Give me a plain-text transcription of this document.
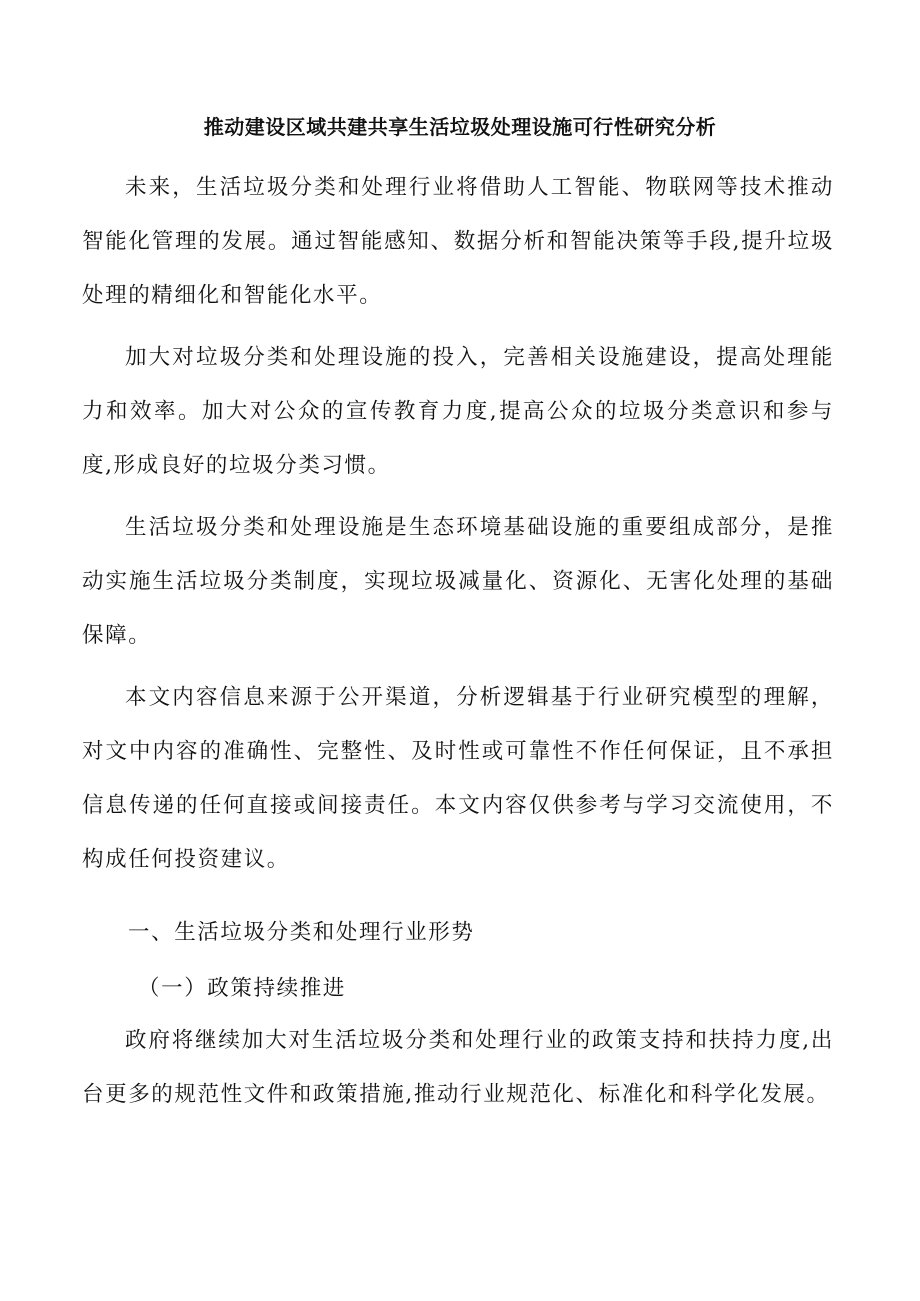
推动建设区域共建共享生活垃圾处理设施可行性研究分析

未来，生活垃圾分类和处理行业将借助人工智能、物联网等技术推动智能化管理的发展。通过智能感知、数据分析和智能决策等手段,提升垃圾处理的精细化和智能化水平。

加大对垃圾分类和处理设施的投入，完善相关设施建设，提高处理能力和效率。加大对公众的宣传教育力度,提高公众的垃圾分类意识和参与度,形成良好的垃圾分类习惯。

生活垃圾分类和处理设施是生态环境基础设施的重要组成部分，是推动实施生活垃圾分类制度，实现垃圾减量化、资源化、无害化处理的基础保障。

本文内容信息来源于公开渠道，分析逻辑基于行业研究模型的理解，对文中内容的准确性、完整性、及时性或可靠性不作任何保证，且不承担信息传递的任何直接或间接责任。本文内容仅供参考与学习交流使用，不构成任何投资建议。

一、生活垃圾分类和处理行业形势

（一）政策持续推进

政府将继续加大对生活垃圾分类和处理行业的政策支持和扶持力度,出台更多的规范性文件和政策措施,推动行业规范化、标准化和科学化发展。
